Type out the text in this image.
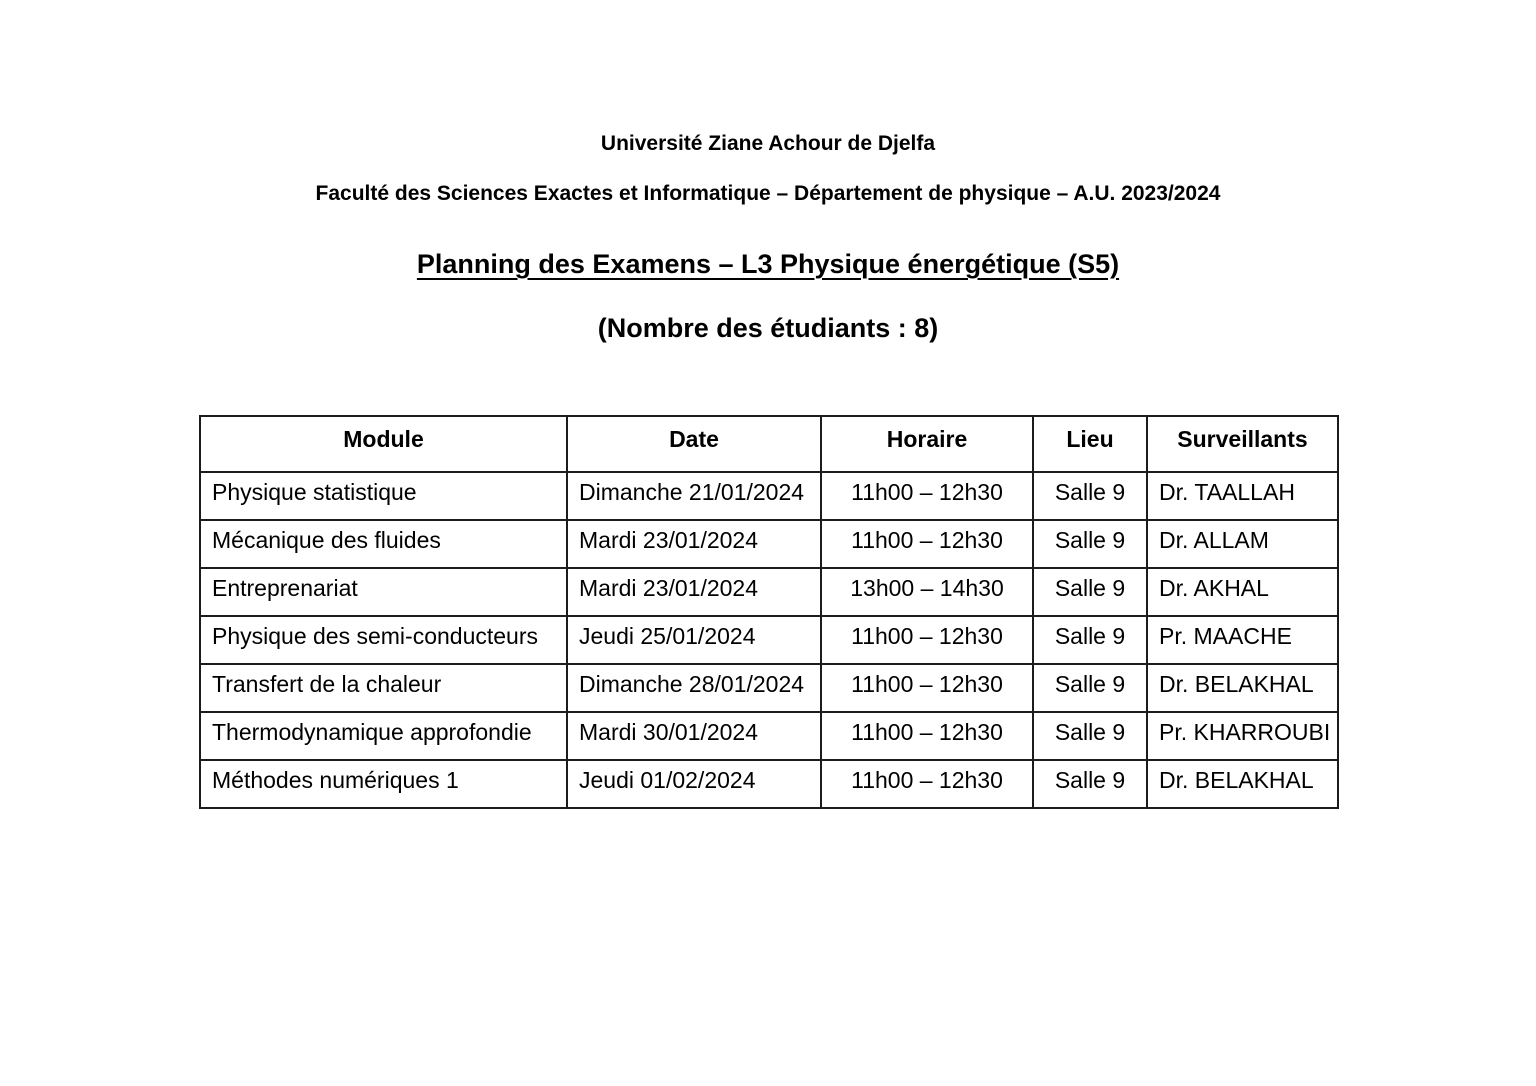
Université Ziane Achour de Djelfa
Faculté des Sciences Exactes et Informatique – Département de physique – A.U. 2023/2024
Planning des Examens – L3 Physique énergétique (S5)
(Nombre des étudiants : 8)
Module	Date	Horaire	Lieu	Surveillants
Physique statistique	Dimanche 21/01/2024	11h00 – 12h30	Salle 9	Dr. TAALLAH
Mécanique des fluides	Mardi 23/01/2024	11h00 – 12h30	Salle 9	Dr. ALLAM
Entreprenariat	Mardi 23/01/2024	13h00 – 14h30	Salle 9	Dr. AKHAL
Physique des semi-conducteurs	Jeudi 25/01/2024	11h00 – 12h30	Salle 9	Pr. MAACHE
Transfert de la chaleur	Dimanche 28/01/2024	11h00 – 12h30	Salle 9	Dr. BELAKHAL
Thermodynamique approfondie	Mardi 30/01/2024	11h00 – 12h30	Salle 9	Pr. KHARROUBI
Méthodes numériques 1	Jeudi 01/02/2024	11h00 – 12h30	Salle 9	Dr. BELAKHAL
